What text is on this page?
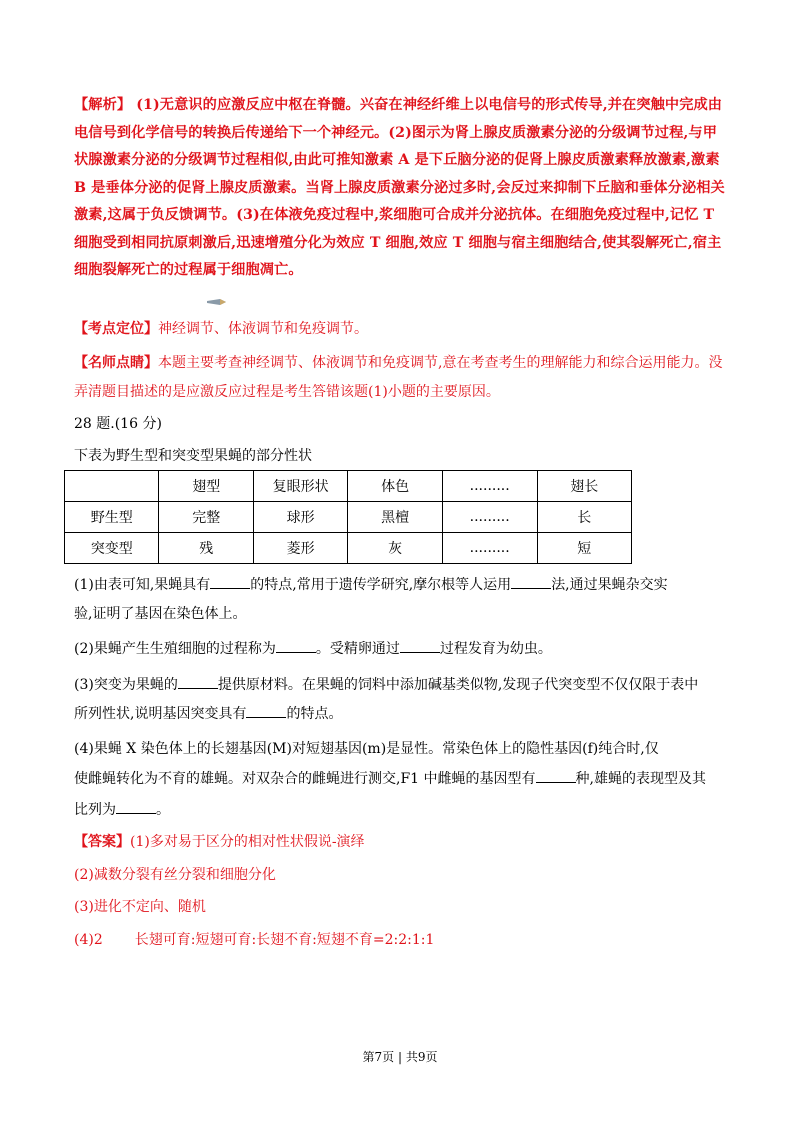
【解析】 (1)无意识的应激反应中枢在脊髓。兴奋在神经纤维上以电信号的形式传导,并在突触中完成由电信号到化学信号的转换后传递给下一个神经元。(2)图示为肾上腺皮质激素分泌的分级调节过程,与甲状腺激素分泌的分级调节过程相似,由此可推知激素 A 是下丘脑分泌的促肾上腺皮质激素释放激素,激素 B 是垂体分泌的促肾上腺皮质激素。当肾上腺皮质激素分泌过多时,会反过来抑制下丘脑和垂体分泌相关激素,这属于负反馈调节。(3)在体液免疫过程中,浆细胞可合成并分泌抗体。在细胞免疫过程中,记忆 T 细胞受到相同抗原刺激后,迅速增殖分化为效应 T 细胞,效应 T 细胞与宿主细胞结合,使其裂解死亡,宿主细胞裂解死亡的过程属于细胞凋亡。
【考点定位】神经调节、体液调节和免疫调节。
【名师点睛】本题主要考查神经调节、体液调节和免疫调节,意在考查考生的理解能力和综合运用能力。没
弄清题目描述的是应激反应过程是考生答错该题(1)小题的主要原因。
28 题.(16 分)
下表为野生型和突变型果蝇的部分性状
	翅型	复眼形状	体色	.........	翅长
野生型	完整	球形	黑檀	.........	长
突变型	残	菱形	灰	.........	短
(1)由表可知,果蝇具有	的特点,常用于遗传学研究,摩尔根等人运用	法,通过果蝇杂交实
验,证明了基因在染色体上。
(2)果蝇产生生殖细胞的过程称为	。受精卵通过	过程发育为幼虫。
(3)突变为果蝇的	提供原材料。在果蝇的饲料中添加碱基类似物,发现子代突变型不仅仅限于表中
所列性状,说明基因突变具有	的特点。
(4)果蝇 X 染色体上的长翅基因(M)对短翅基因(m)是显性。常染色体上的隐性基因(f)纯合时,仅
使雌蝇转化为不育的雄蝇。对双杂合的雌蝇进行测交,F1 中雌蝇的基因型有	种,雄蝇的表现型及其
比列为	。
【答案】(1)多对易于区分的相对性状假说-演绎
(2)减数分裂有丝分裂和细胞分化
(3)进化不定向、随机
(4)2 长翅可育:短翅可育:长翅不育:短翅不育=2:2:1:1
第7页 | 共9页
